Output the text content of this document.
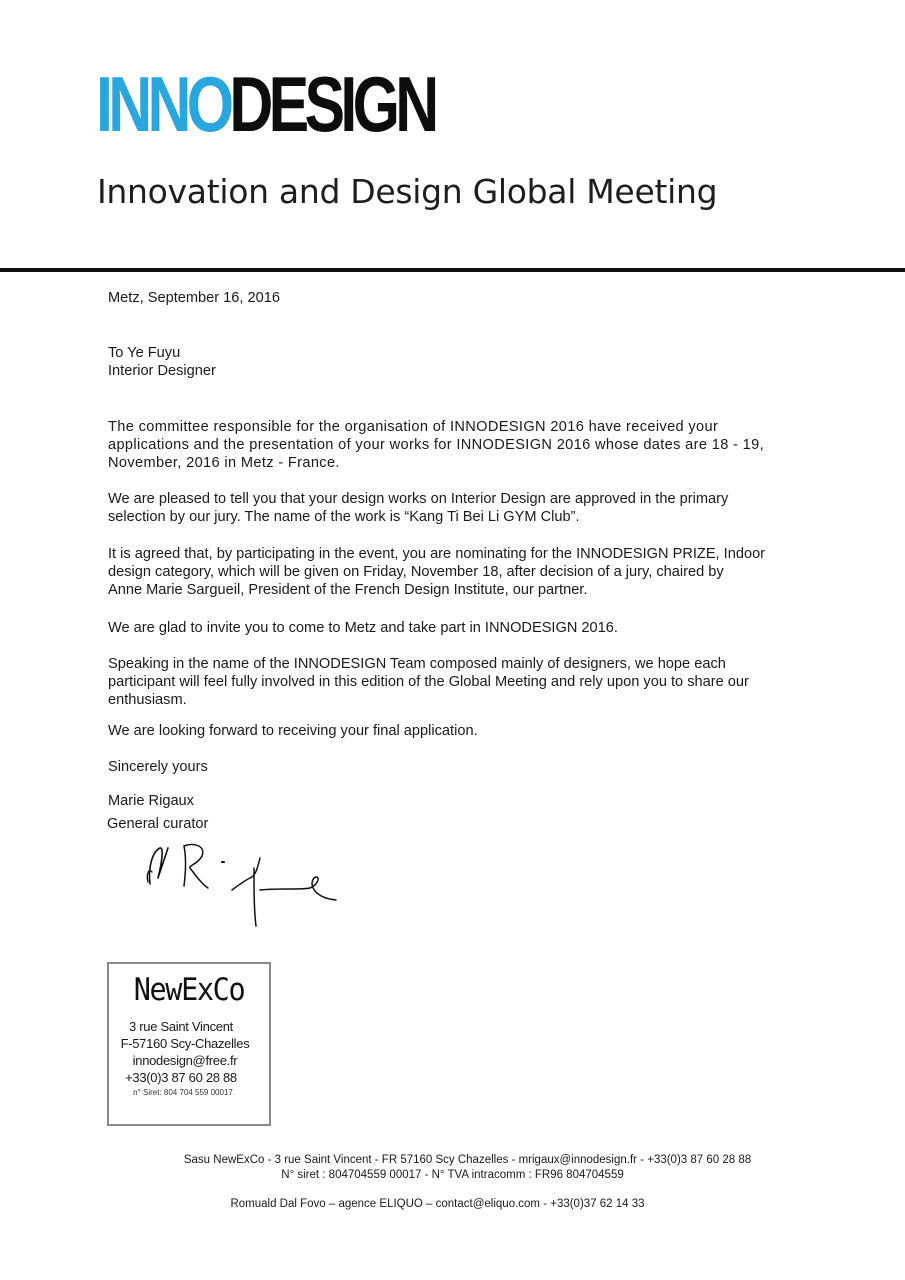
INNODESIGN
Innovation and Design Global Meeting
Metz, September 16, 2016
To Ye Fuyu
Interior Designer
The committee responsible for the organisation of INNODESIGN 2016 have received your
applications and the presentation of your works for INNODESIGN 2016 whose dates are 18 - 19,
November, 2016 in Metz - France.
We are pleased to tell you that your design works on Interior Design are approved in the primary
selection by our jury. The name of the work is “Kang Ti Bei Li GYM Club”.
It is agreed that, by participating in the event, you are nominating for the INNODESIGN PRIZE, Indoor
design category, which will be given on Friday, November 18, after decision of a jury, chaired by
Anne Marie Sargueil, President of the French Design Institute, our partner.
We are glad to invite you to come to Metz and take part in INNODESIGN 2016.
Speaking in the name of the INNODESIGN Team composed mainly of designers, we hope each
participant will feel fully involved in this edition of the Global Meeting and rely upon you to share our
enthusiasm.
We are looking forward to receiving your final application.
Sincerely yours
Marie Rigaux
General curator
NewExCo
3 rue Saint Vincent
F-57160 Scy-Chazelles
innodesign@free.fr
+33(0)3 87 60 28 88
n° Siret: 804 704 559 00017
Sasu NewExCo - 3 rue Saint Vincent - FR 57160 Scy Chazelles - mrigaux@innodesign.fr - +33(0)3 87 60 28 88
N° siret : 804704559 00017 - N° TVA intracomm : FR96 804704559
Romuald Dal Fovo – agence ELIQUO – contact@eliquo.com - +33(0)37 62 14 33
